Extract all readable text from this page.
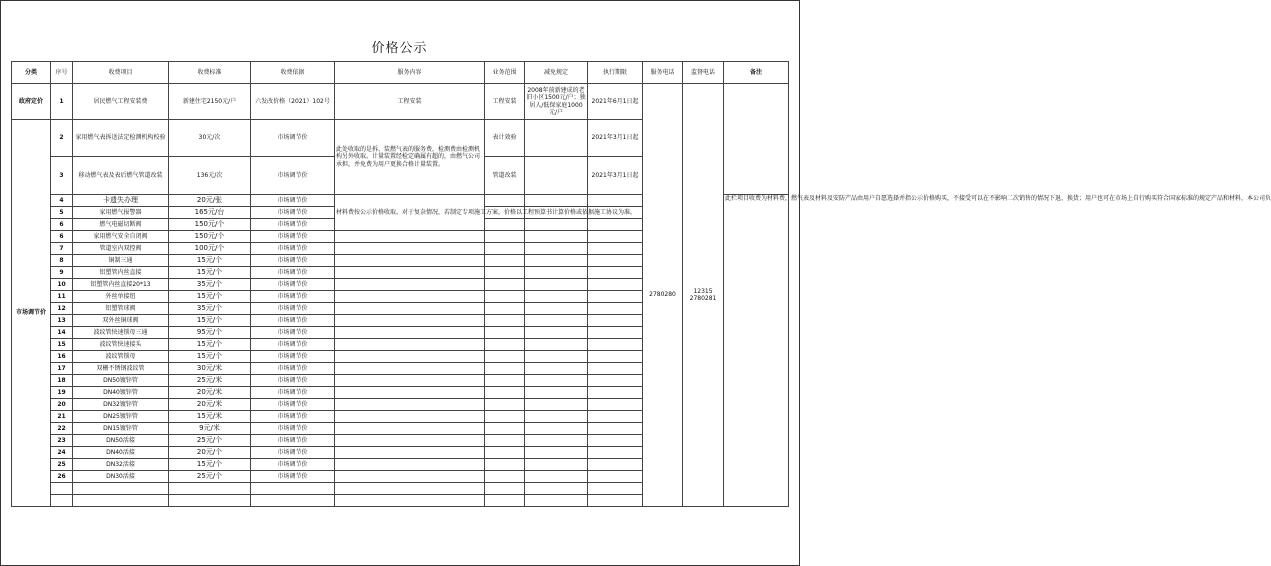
价格公示
分类	序号	收费项目	收费标准	收费依据	服务内容	业务范围	减免规定	执行期限	服务电话	监督电话	备注
政府定价	1	居民燃气工程安装费	新建住宅2150元/户	六发改价格（2021）102号	工程安装	工程安装	2008年前新建成的老旧小区1500元/户；独居人/低保家庭1000元/户	2021年6月1日起	2780280	12315 2780281	
市场调节价	2	家用燃气表拆送法定检测机构校验	30元/次	市场调节价	此处收取的是拆、装燃气表的服务费，检测费由检测机构另外收取。计量装置经检定确属有超的，由燃气公司承担，并免费为用户更换合格计量装置。	表计效验		2021年3月1日起			
	3	移动燃气表及表后燃气管道改装	136元/次	市场调节价		管道改装		2021年3月1日起			
	4	卡遗失办理	20元/张	市场调节价	材料费按公示价格收取。对于复杂情况，若制定专项施工方案，价格以工程预算书计算价格或依据施工协议为准。						此栏项目收费为材料费，燃气表及材料及安防产品由用户自愿选择并指公示价格购买，不接受可以在不影响二次销售的情况下退、换货；用户也可在市场上自行购买符合国家标准的规定产品和材料，本公司负
	5	家用燃气报警器	165元/台	市场调节价							
	6	燃气电磁切断阀	150元/个	市场调节价							
	6	家用燃气安全自闭阀	150元/个	市场调节价							
	7	管道室内双控阀	100元/个	市场调节价							
	8	铜制三通	15元/个	市场调节价							
	9	铝塑管内丝直接	15元/个	市场调节价							
	10	铝塑管内丝直接20*13	35元/个	市场调节价							
	11	外丝单接纽	15元/个	市场调节价							
	12	铝塑管球阀	35元/个	市场调节价							
	13	双外丝铜球阀	15元/个	市场调节价							
	14	波纹管快速锁母三通	95元/个	市场调节价							
	15	波纹管快速接头	15元/个	市场调节价							
	16	波纹管锁母	15元/个	市场调节价							
	17	双栅不锈钢波纹管	30元/米	市场调节价							
	18	DN50镀锌管	25元/米	市场调节价							
	19	DN40镀锌管	20元/米	市场调节价							
	20	DN32镀锌管	20元/米	市场调节价							
	21	DN25镀锌管	15元/米	市场调节价							
	22	DN15镀锌管	9元/米	市场调节价							
	23	DN50活接	25元/个	市场调节价							
	24	DN40活接	20元/个	市场调节价							
	25	DN32活接	15元/个	市场调节价							
	26	DN30活接	25元/个	市场调节价							
